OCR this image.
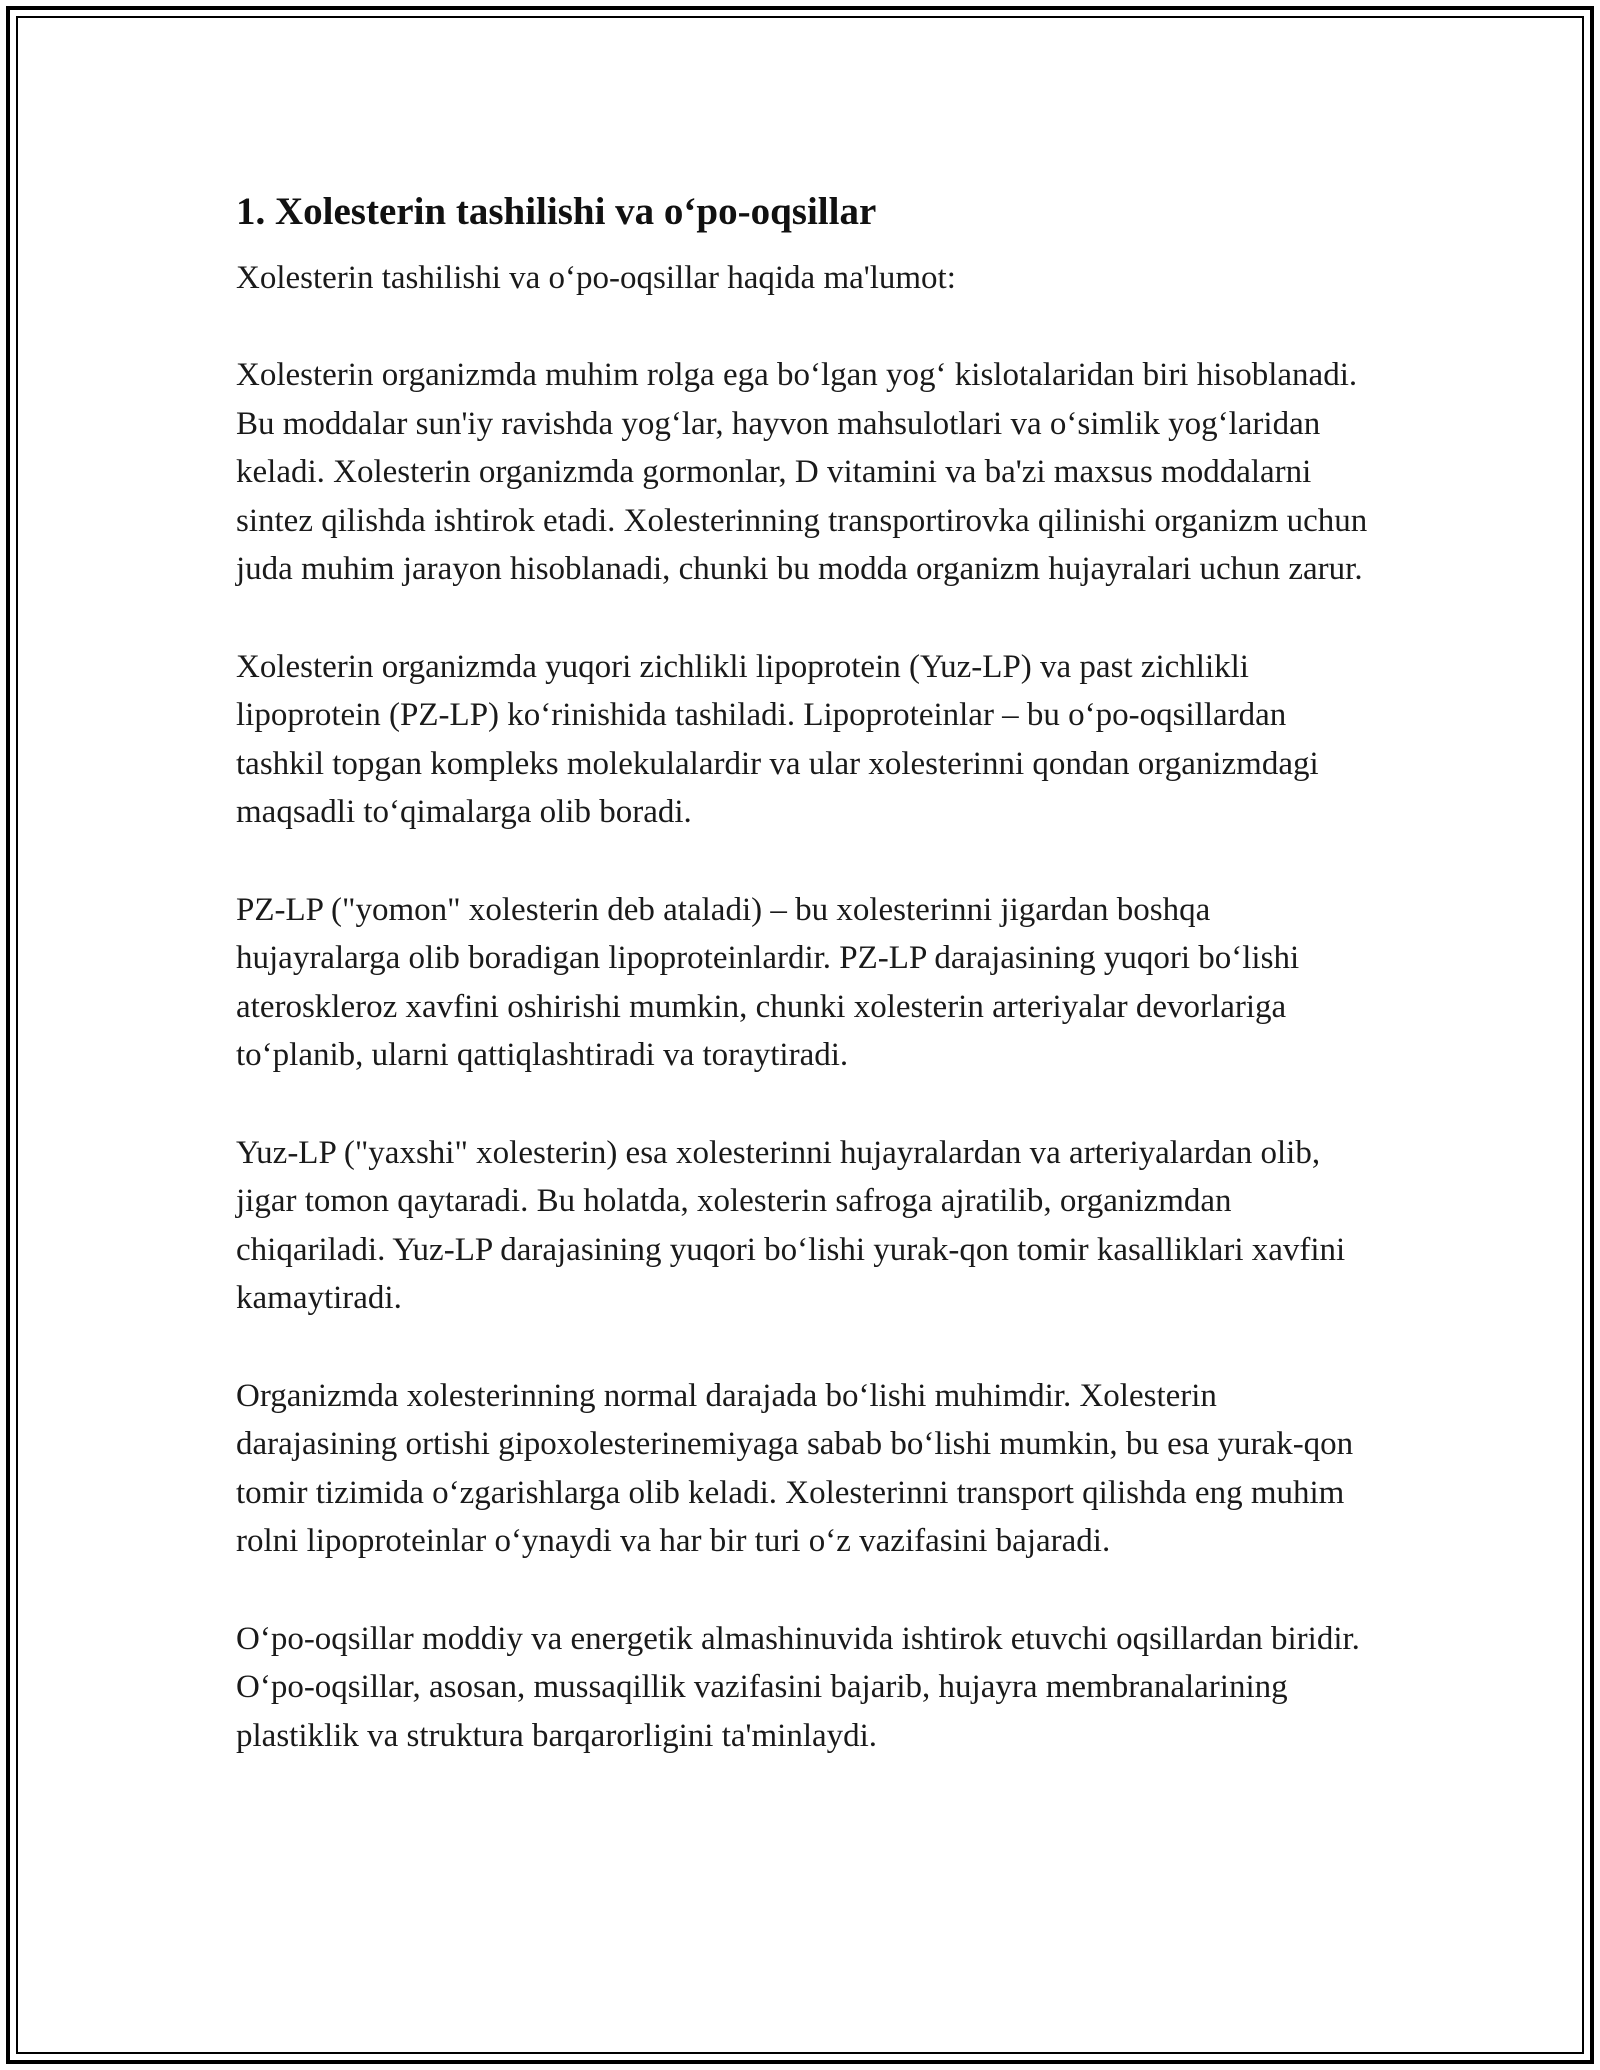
1. Xolesterin tashilishi va o‘po-oqsillar

Xolesterin tashilishi va o‘po-oqsillar haqida ma'lumot:

Xolesterin organizmda muhim rolga ega bo‘lgan yog‘ kislotalaridan biri hisoblanadi. Bu moddalar sun'iy ravishda yog‘lar, hayvon mahsulotlari va o‘simlik yog‘laridan keladi. Xolesterin organizmda gormonlar, D vitamini va ba'zi maxsus moddalarni sintez qilishda ishtirok etadi. Xolesterinning transportirovka qilinishi organizm uchun juda muhim jarayon hisoblanadi, chunki bu modda organizm hujayralari uchun zarur.

Xolesterin organizmda yuqori zichlikli lipoprotein (Yuz-LP) va past zichlikli lipoprotein (PZ-LP) ko‘rinishida tashiladi. Lipoproteinlar – bu o‘po-oqsillardan tashkil topgan kompleks molekulalardir va ular xolesterinni qondan organizmdagi maqsadli to‘qimalarga olib boradi.

PZ-LP ("yomon" xolesterin deb ataladi) – bu xolesterinni jigardan boshqa hujayralarga olib boradigan lipoproteinlardir. PZ-LP darajasining yuqori bo‘lishi ateroskleroz xavfini oshirishi mumkin, chunki xolesterin arteriyalar devorlariga to‘planib, ularni qattiqlashtiradi va toraytiradi.

Yuz-LP ("yaxshi" xolesterin) esa xolesterinni hujayralardan va arteriyalardan olib, jigar tomon qaytaradi. Bu holatda, xolesterin safroga ajratilib, organizmdan chiqariladi. Yuz-LP darajasining yuqori bo‘lishi yurak-qon tomir kasalliklari xavfini kamaytiradi.

Organizmda xolesterinning normal darajada bo‘lishi muhimdir. Xolesterin darajasining ortishi gipoxolesterinemiyaga sabab bo‘lishi mumkin, bu esa yurak-qon tomir tizimida o‘zgarishlarga olib keladi. Xolesterinni transport qilishda eng muhim rolni lipoproteinlar o‘ynaydi va har bir turi o‘z vazifasini bajaradi.

O‘po-oqsillar moddiy va energetik almashinuvida ishtirok etuvchi oqsillardan biridir. O‘po-oqsillar, asosan, mussaqillik vazifasini bajarib, hujayra membranalarining plastiklik va struktura barqarorligini ta'minlaydi.
